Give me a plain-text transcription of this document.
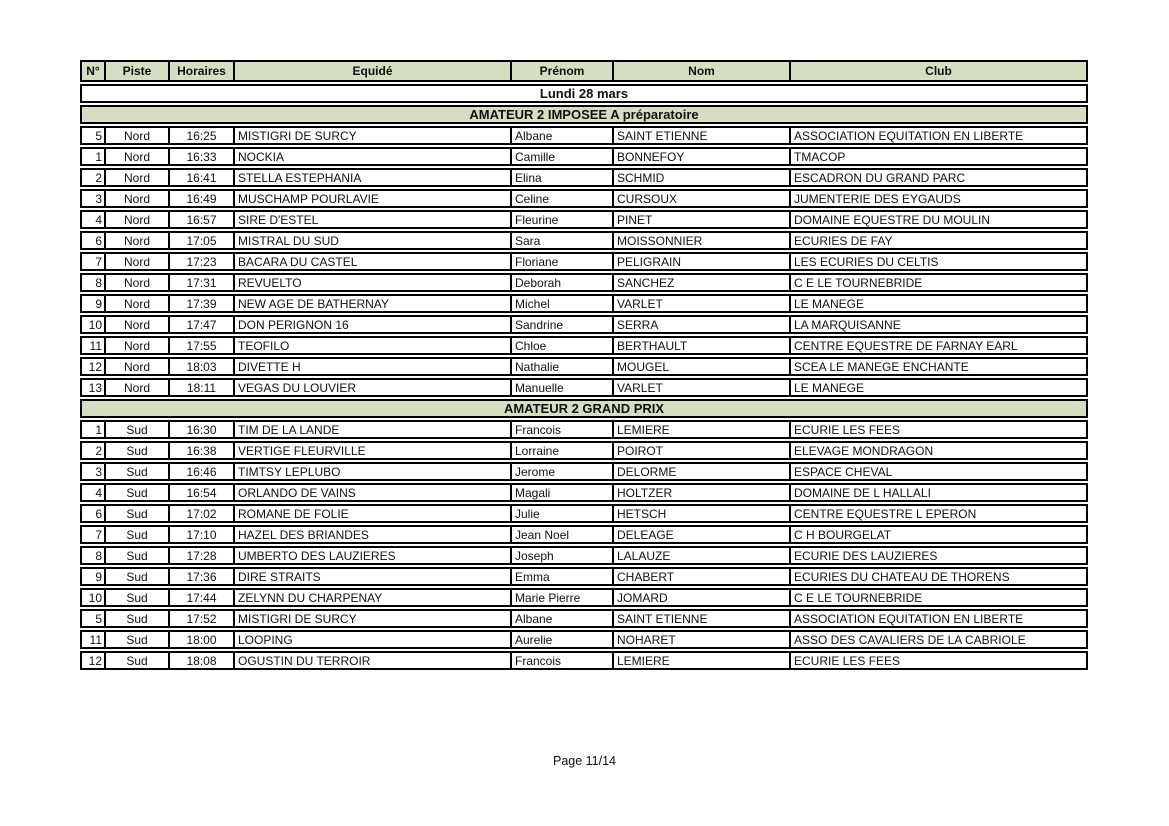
N°	Piste	Horaires	Equidé	Prénom	Nom	Club
Lundi 28 mars
AMATEUR 2 IMPOSEE A préparatoire
5	Nord	16:25	MISTIGRI DE SURCY	Albane	SAINT ETIENNE	ASSOCIATION EQUITATION EN LIBERTE
1	Nord	16:33	NOCKIA	Camille	BONNEFOY	TMACOP
2	Nord	16:41	STELLA ESTEPHANIA	Elina	SCHMID	ESCADRON DU GRAND PARC
3	Nord	16:49	MUSCHAMP POURLAVIE	Celine	CURSOUX	JUMENTERIE DES EYGAUDS
4	Nord	16:57	SIRE D'ESTEL	Fleurine	PINET	DOMAINE EQUESTRE DU MOULIN
6	Nord	17:05	MISTRAL DU SUD	Sara	MOISSONNIER	ECURIES DE FAY
7	Nord	17:23	BACARA DU CASTEL	Floriane	PELIGRAIN	LES ECURIES DU CELTIS
8	Nord	17:31	REVUELTO	Deborah	SANCHEZ	C E LE TOURNEBRIDE
9	Nord	17:39	NEW AGE DE BATHERNAY	Michel	VARLET	LE MANEGE
10	Nord	17:47	DON PERIGNON 16	Sandrine	SERRA	LA MARQUISANNE
11	Nord	17:55	TEOFILO	Chloe	BERTHAULT	CENTRE EQUESTRE DE FARNAY EARL
12	Nord	18:03	DIVETTE H	Nathalie	MOUGEL	SCEA LE MANEGE ENCHANTE
13	Nord	18:11	VEGAS DU LOUVIER	Manuelle	VARLET	LE MANEGE
AMATEUR 2 GRAND PRIX
1	Sud	16:30	TIM DE LA LANDE	Francois	LEMIERE	ECURIE LES FEES
2	Sud	16:38	VERTIGE FLEURVILLE	Lorraine	POIROT	ELEVAGE MONDRAGON
3	Sud	16:46	TIMTSY LEPLUBO	Jerome	DELORME	ESPACE CHEVAL
4	Sud	16:54	ORLANDO DE VAINS	Magali	HOLTZER	DOMAINE DE L HALLALI
6	Sud	17:02	ROMANE DE FOLIE	Julie	HETSCH	CENTRE EQUESTRE L EPERON
7	Sud	17:10	HAZEL DES BRIANDES	Jean Noel	DELEAGE	C H BOURGELAT
8	Sud	17:28	UMBERTO DES LAUZIERES	Joseph	LALAUZE	ECURIE DES LAUZIERES
9	Sud	17:36	DIRE STRAITS	Emma	CHABERT	ECURIES DU CHATEAU DE THORENS
10	Sud	17:44	ZELYNN DU CHARPENAY	Marie Pierre	JOMARD	C E LE TOURNEBRIDE
5	Sud	17:52	MISTIGRI DE SURCY	Albane	SAINT ETIENNE	ASSOCIATION EQUITATION EN LIBERTE
11	Sud	18:00	LOOPING	Aurelie	NOHARET	ASSO DES CAVALIERS DE LA CABRIOLE
12	Sud	18:08	OGUSTIN DU TERROIR	Francois	LEMIERE	ECURIE LES FEES
Page 11/14
